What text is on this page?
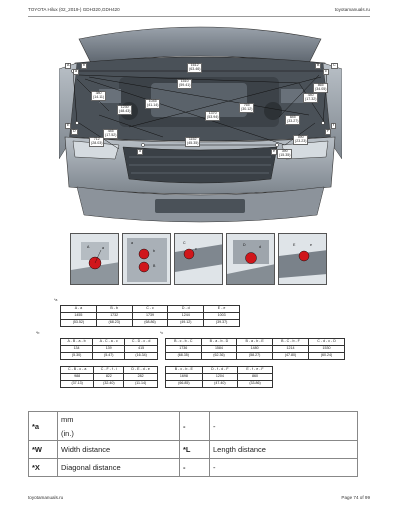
TOYOTA Hilux (02_2019-) GDH320,GDH420	toyotamanuals.ru
A
a
b	B
c
C
E
D
d	e
F
f
1612
(63.46)
1510
(59.41)
380
(14.11)
1045
(41.14)
1370
(53.94)
1230
(48.43)
765
(30.12)
445
(17.52)
712
(28.03)
1152
(45.35)
390
(15.35)
440
(17.32)
845
(33.27)
865
(34.05)
590
(23.23)
a
A
b
B
a
c
C
d
D	e
E
*a
*b	*c
A - a	B - b	C - c	D - d	E - e
1455	1732	1739	1244	1003
(53.52)	(68.23)	(68.86)	(49.12)	(39.37)
A - B - a - b	A - C - a - c	C - D - c - d
134	139	415
(5.30)	(5.47)	(16.34)
B - c - b - C	B - a - b - D	B - a - b - E	B - C - b - F	C - d - c - D
1736	1584	1480	1214	1530
(68.35)	(62.36)	(58.27)	(47.80)	(60.24)
C - B - c - a	C - F - f - i	D - E - d - e
988	822	282
(37.13)	(32.40)	(11.14)
B - c - b - E	D - f - d - F	E - f - e - F
1698	1204	860
(66.85)	(47.40)	(33.86)
*a	mm	-	-
	(in.)		
*W	Width distance	*L	Length distance
*X	Diagonal distance	-	-
toyotamanuals.ru	Page 74 of 99
